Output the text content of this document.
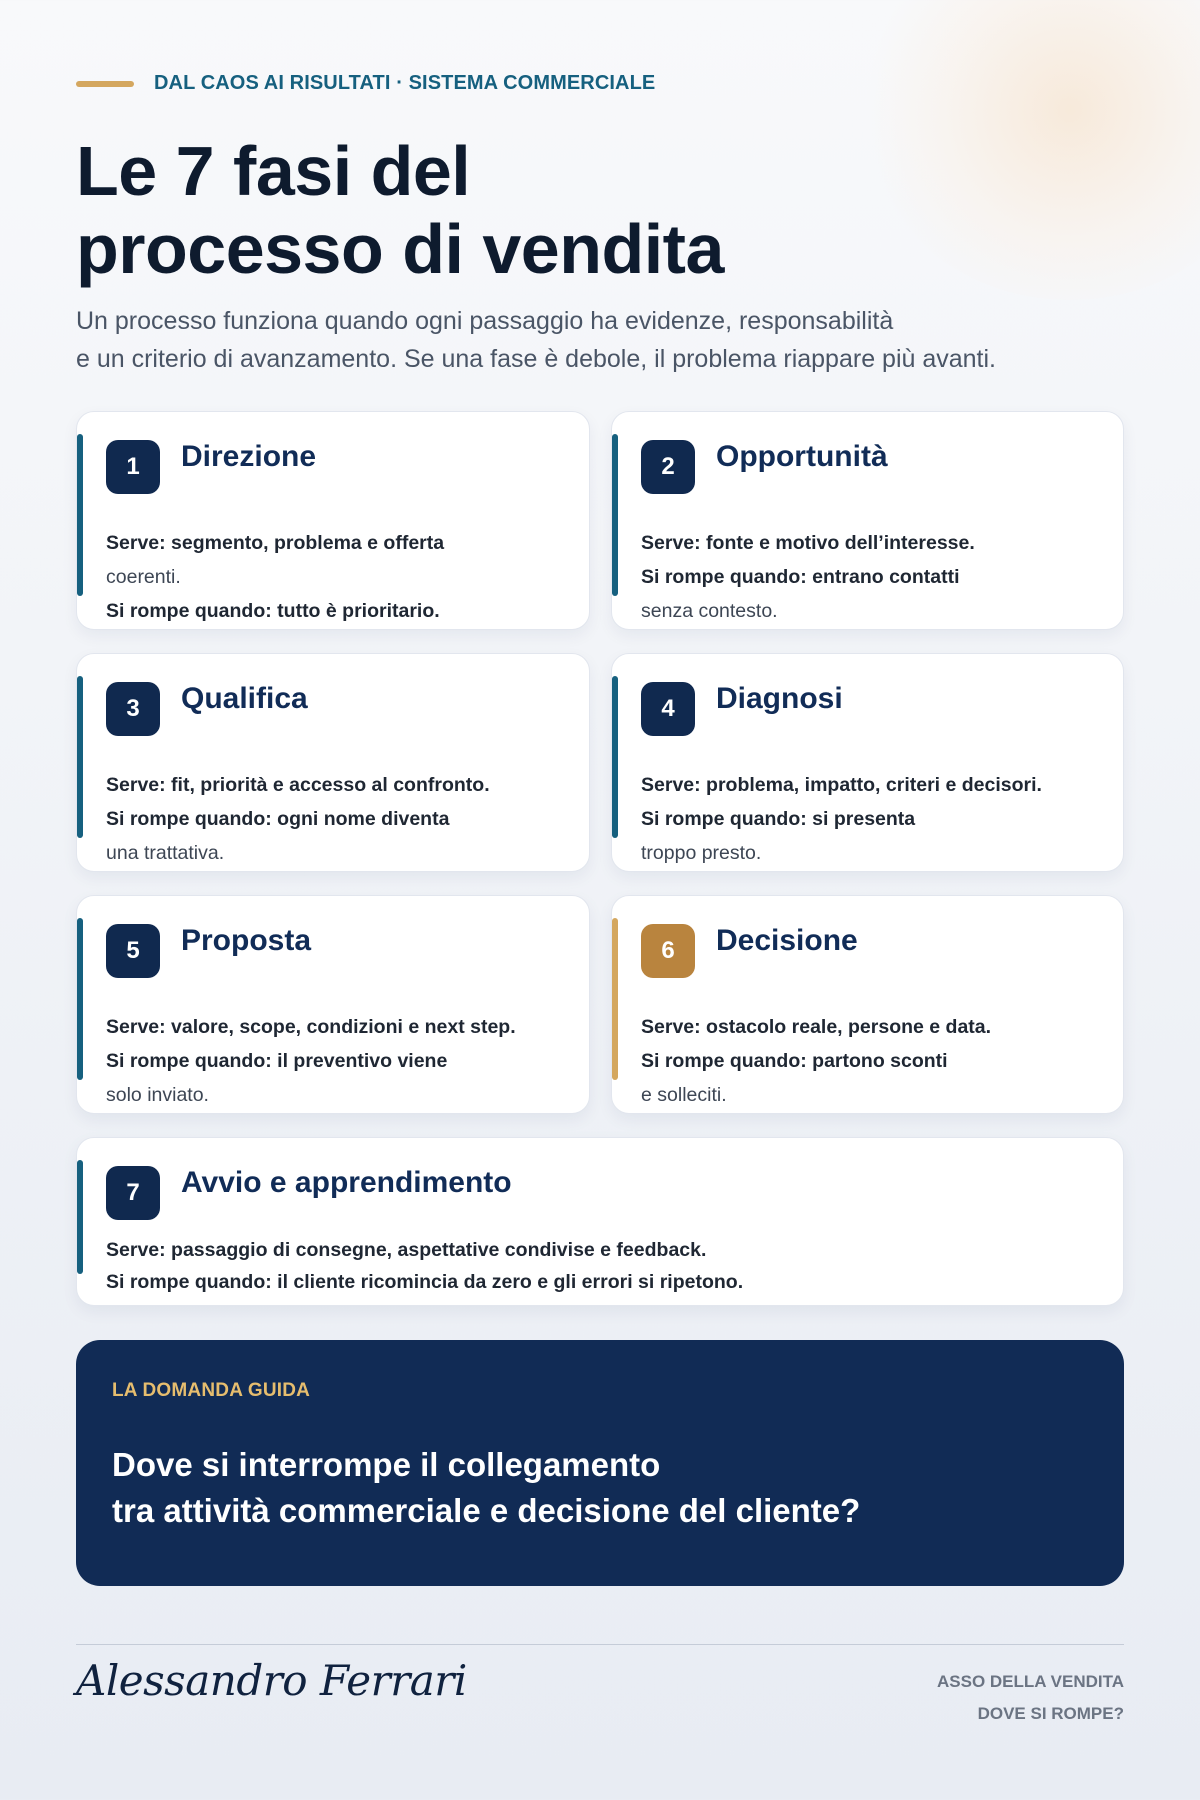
DAL CAOS AI RISULTATI · SISTEMA COMMERCIALE
Le 7 fasi del
processo di vendita

Un processo funziona quando ogni passaggio ha evidenze, responsabilità
e un criterio di avanzamento. Se una fase è debole, il problema riappare più avanti.

1	Direzione
Serve: segmento, problema e offerta
coerenti.
Si rompe quando: tutto è prioritario.
2	Opportunità
Serve: fonte e motivo dell’interesse.
Si rompe quando: entrano contatti
senza contesto.
3	Qualifica
Serve: fit, priorità e accesso al confronto.
Si rompe quando: ogni nome diventa
una trattativa.
4	Diagnosi
Serve: problema, impatto, criteri e decisori.
Si rompe quando: si presenta
troppo presto.
5	Proposta
Serve: valore, scope, condizioni e next step.
Si rompe quando: il preventivo viene
solo inviato.
6	Decisione
Serve: ostacolo reale, persone e data.
Si rompe quando: partono sconti
e solleciti.
7	Avvio e apprendimento
Serve: passaggio di consegne, aspettative condivise e feedback.
Si rompe quando: il cliente ricomincia da zero e gli errori si ripetono.
LA DOMANDA GUIDA
Dove si interrompe il collegamento
tra attività commerciale e decisione del cliente?
Alessandro Ferrari	ASSO DELLA VENDITA
DOVE SI ROMPE?
